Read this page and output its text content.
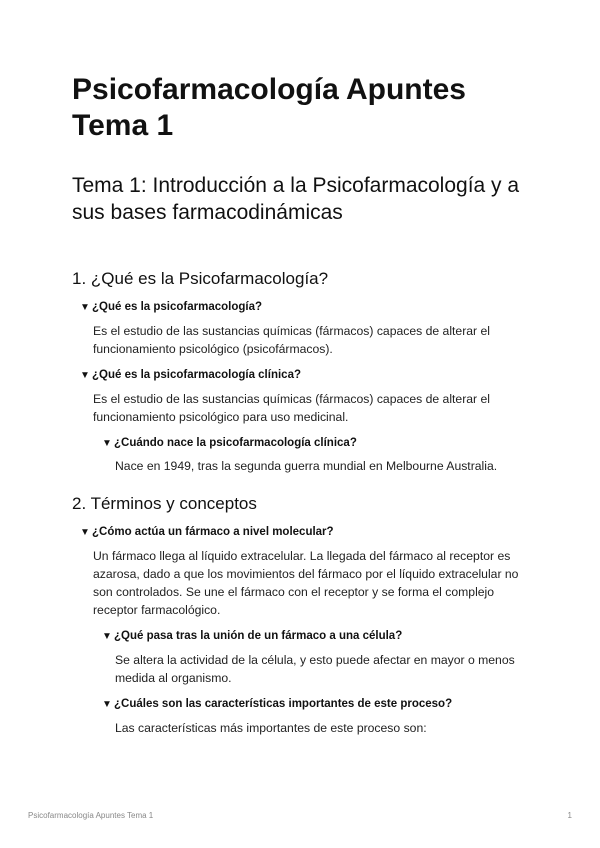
Psicofarmacología Apuntes
Tema 1
Tema 1: Introducción a la Psicofarmacología y a sus bases farmacodinámicas
1. ¿Qué es la Psicofarmacología?
▼ ¿Qué es la psicofarmacología?
Es el estudio de las sustancias químicas (fármacos) capaces de alterar el funcionamiento psicológico (psicofármacos).
▼ ¿Qué es la psicofarmacología clínica?
Es el estudio de las sustancias químicas (fármacos) capaces de alterar el funcionamiento psicológico para uso medicinal.
▼ ¿Cuándo nace la psicofarmacología clínica?
Nace en 1949, tras la segunda guerra mundial en Melbourne Australia.
2. Términos y conceptos
▼ ¿Cómo actúa un fármaco a nivel molecular?
Un fármaco llega al líquido extracelular. La llegada del fármaco al receptor es azarosa, dado a que los movimientos del fármaco por el líquido extracelular no son controlados. Se une el fármaco con el receptor y se forma el complejo receptor farmacológico.
▼ ¿Qué pasa tras la unión de un fármaco a una célula?
Se altera la actividad de la célula, y esto puede afectar en mayor o menos medida al organismo.
▼ ¿Cuáles son las características importantes de este proceso?
Las características más importantes de este proceso son:
Psicofarmacología Apuntes Tema 1	1
